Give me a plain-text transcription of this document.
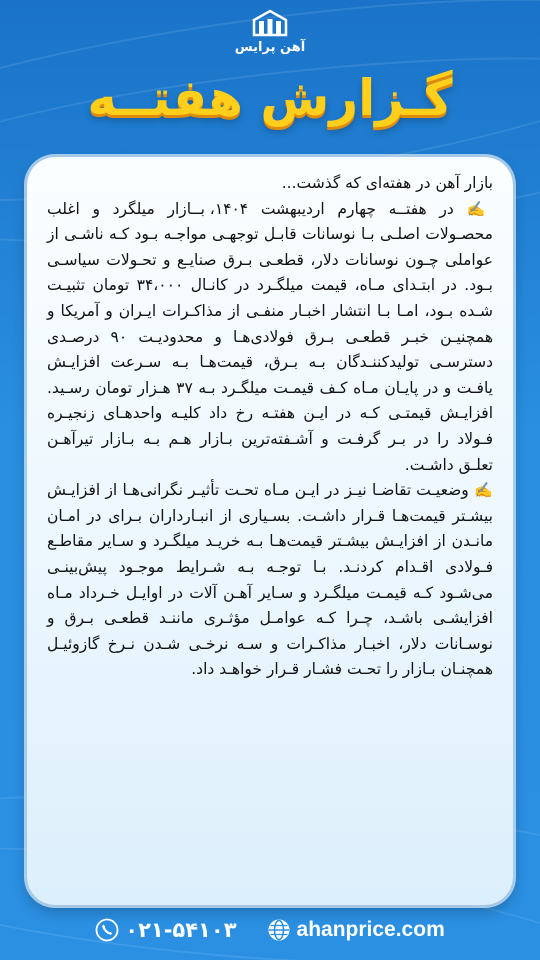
آهن پرایس
گـزارش هفتــه

بازار آهن در هفته‌ای که گذشت...

✍️ در هفتــه چهارم اردیبهشت ۱۴۰۴، بــازار میلگرد و اغلب محصـولات اصلـی بـا نوسانات قابـل توجهـی مواجـه بـود کـه ناشـی از عواملی چـون نوسانات دلار، قطعـی بـرق صنایـع و تحـولات سیاسـی بـود. در ابتـدای مـاه، قیمت میلگـرد در کانـال ۳۴،۰۰۰ تومان تثبیـت شـده بـود، امـا بـا انتشار اخبـار منفـی از مذاکـرات ایـران و آمریکا و همچنیـن خبـر قطعـی بـرق فولادی‌هـا و محدودیـت ۹۰ درصـدی دسترسـی تولیدکننـدگان بـه بـرق، قیمت‌هـا بـه سـرعت افزایـش یافـت و در پایـان مـاه کـف قیمـت میلگـرد بـه ۳۷ هـزار تومان رسـید. افزایـش قیمتـی کـه در ایـن هفتـه رخ داد کلیـه واحدهـای زنجیـره فـولاد را در بـر گرفـت و آشـفته‌ترین بـازار هـم بـه بـازار تیرآهـن تعلـق داشـت.

✍️ وضعیـت تقاضـا نیـز در ایـن مـاه تحـت تأثیـر نگرانی‌هـا از افزایـش بیشـتر قیمت‌هـا قـرار داشـت. بسـیاری از انبـارداران بـرای در امـان مانـدن از افزایـش بیشـتر قیمت‌هـا بـه خریـد میلگـرد و سـایر مقاطـع فـولادی اقـدام کردنـد. بـا توجـه بـه شـرایط موجـود پیش‌بینـی می‌شـود کـه قیمـت میلگـرد و سـایر آهـن آلات در اوایـل خـرداد مـاه افزایشـی باشـد، چـرا کـه عوامـل مؤثـری ماننـد قطعـی بـرق و نوسـانات دلار، اخبـار مذاکـرات و سـه نرخـی شـدن نـرخ گازوئیـل همچنـان بـازار را تحـت فشـار قـرار خواهـد داد.

۰۲۱-۵۴۱۰۳	ahanprice.com
